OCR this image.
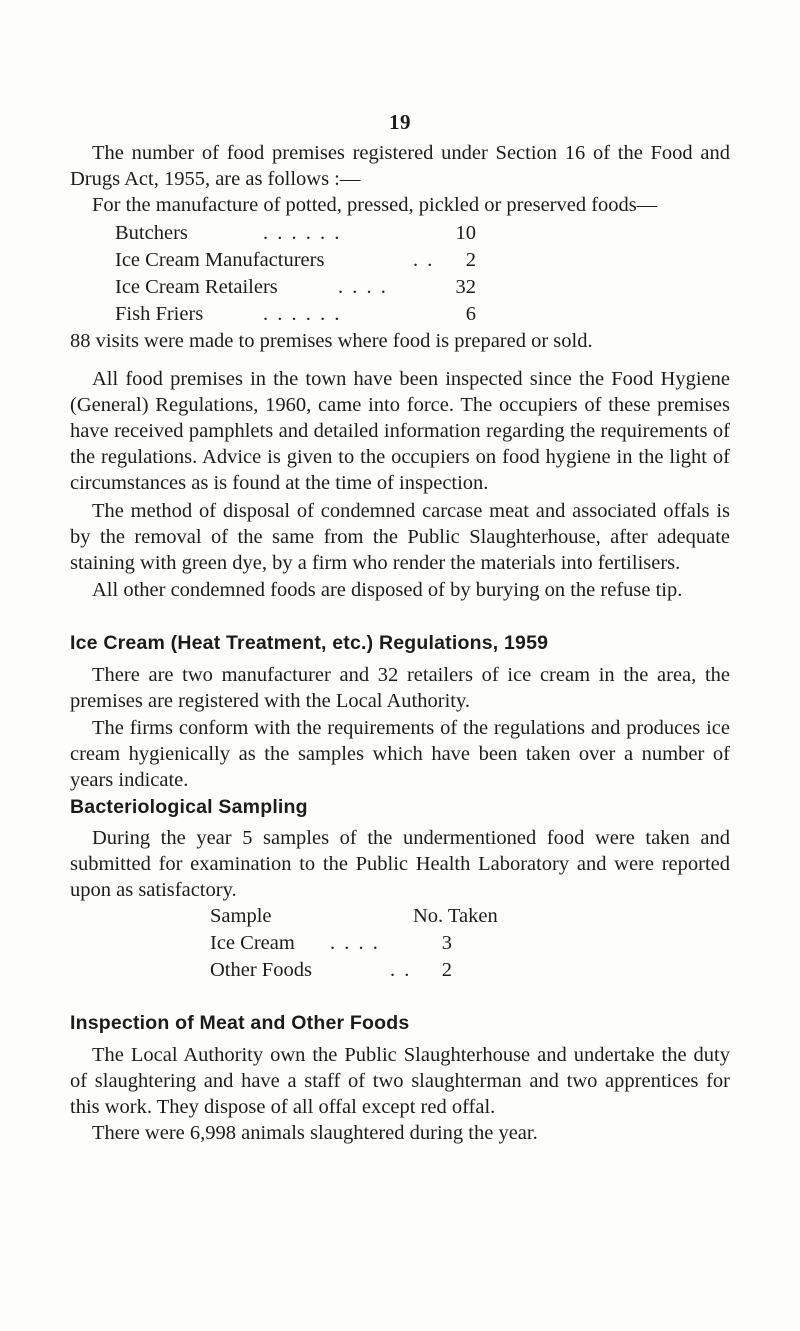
19

The number of food premises registered under Section 16 of the Food and Drugs Act, 1955, are as follows :—

For the manufacture of potted, pressed, pickled or preserved foods—

Butchers	. . . . . .	10
Ice Cream Manufacturers	. .	2
Ice Cream Retailers	. . . .	32
Fish Friers	. . . . . .	6

88 visits were made to premises where food is prepared or sold.

All food premises in the town have been inspected since the Food Hygiene (General) Regulations, 1960, came into force. The occupiers of these premises have received pamphlets and detailed information regarding the requirements of the regulations. Advice is given to the occupiers on food hygiene in the light of circumstances as is found at the time of inspection.

The method of disposal of condemned carcase meat and associated offals is by the removal of the same from the Public Slaughterhouse, after adequate staining with green dye, by a firm who render the materials into fertilisers.

All other condemned foods are disposed of by burying on the refuse tip.

Ice Cream (Heat Treatment, etc.) Regulations, 1959

There are two manufacturer and 32 retailers of ice cream in the area, the premises are registered with the Local Authority.

The firms conform with the requirements of the regulations and produces ice cream hygienically as the samples which have been taken over a number of years indicate.

Bacteriological Sampling

During the year 5 samples of the undermentioned food were taken and submitted for examination to the Public Health Laboratory and were reported upon as satisfactory.

Sample	No. Taken
Ice Cream . . . .	3
Other Foods	. .	2
Inspection of Meat and Other Foods

The Local Authority own the Public Slaughterhouse and undertake the duty of slaughtering and have a staff of two slaughterman and two apprentices for this work. They dispose of all offal except red offal.

There were 6,998 animals slaughtered during the year.
